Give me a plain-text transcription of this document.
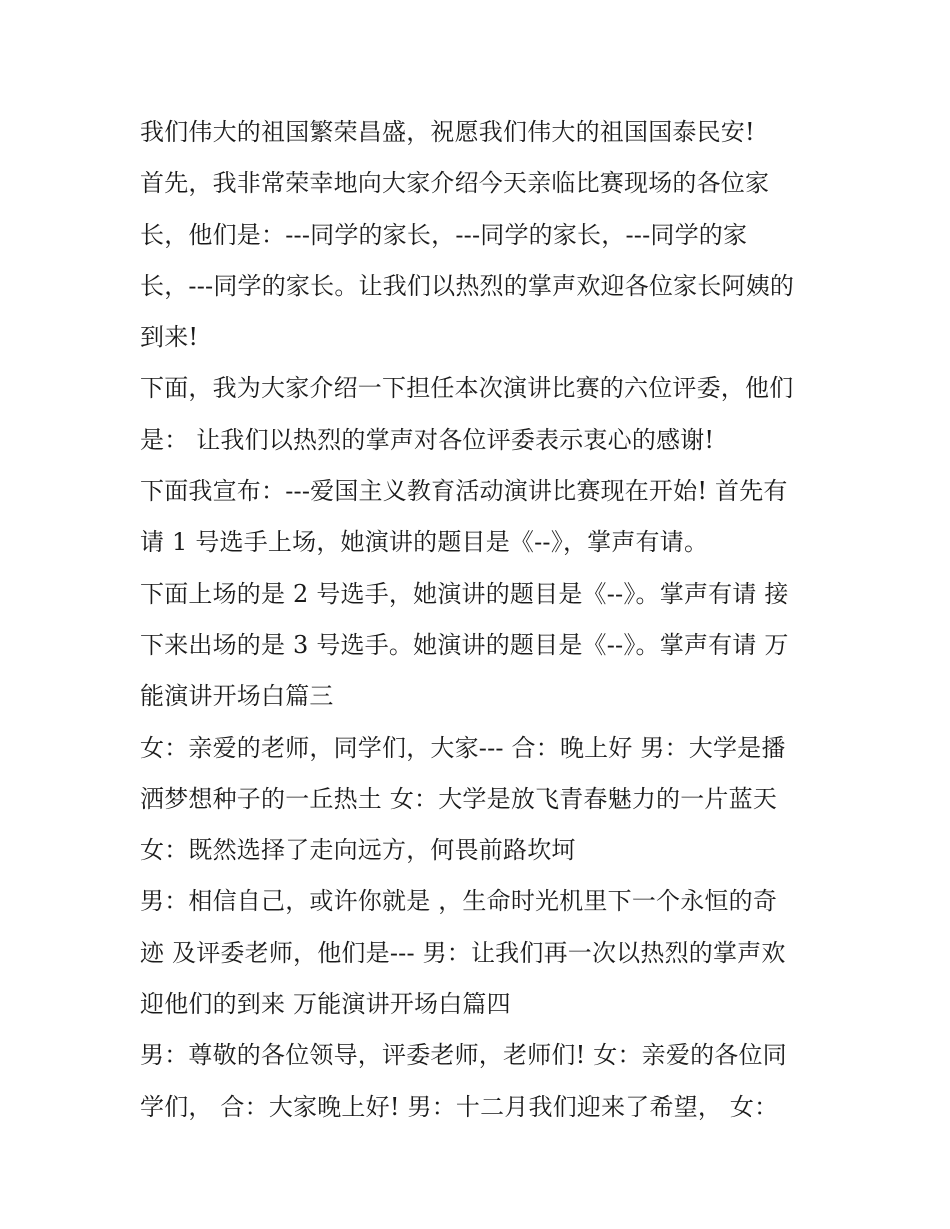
我们伟大的祖国繁荣昌盛，祝愿我们伟大的祖国国泰民安!
首先，我非常荣幸地向大家介绍今天亲临比赛现场的各位家
长，他们是：---同学的家长，---同学的家长，---同学的家
长，---同学的家长。让我们以热烈的掌声欢迎各位家长阿姨的
到来!
下面，我为大家介绍一下担任本次演讲比赛的六位评委，他们
是： 让我们以热烈的掌声对各位评委表示衷心的感谢!
下面我宣布：---爱国主义教育活动演讲比赛现在开始! 首先有
请 1 号选手上场，她演讲的题目是《--》，掌声有请。
下面上场的是 2 号选手，她演讲的题目是《--》。掌声有请 接
下来出场的是 3 号选手。她演讲的题目是《--》。掌声有请 万
能演讲开场白篇三
女：亲爱的老师，同学们，大家--- 合：晚上好 男：大学是播
洒梦想种子的一丘热土 女：大学是放飞青春魅力的一片蓝天
女：既然选择了走向远方，何畏前路坎坷
男：相信自己，或许你就是 ，生命时光机里下一个永恒的奇
迹 及评委老师，他们是--- 男：让我们再一次以热烈的掌声欢
迎他们的到来 万能演讲开场白篇四
男：尊敬的各位领导，评委老师，老师们! 女：亲爱的各位同
学们， 合：大家晚上好! 男：十二月我们迎来了希望， 女：
